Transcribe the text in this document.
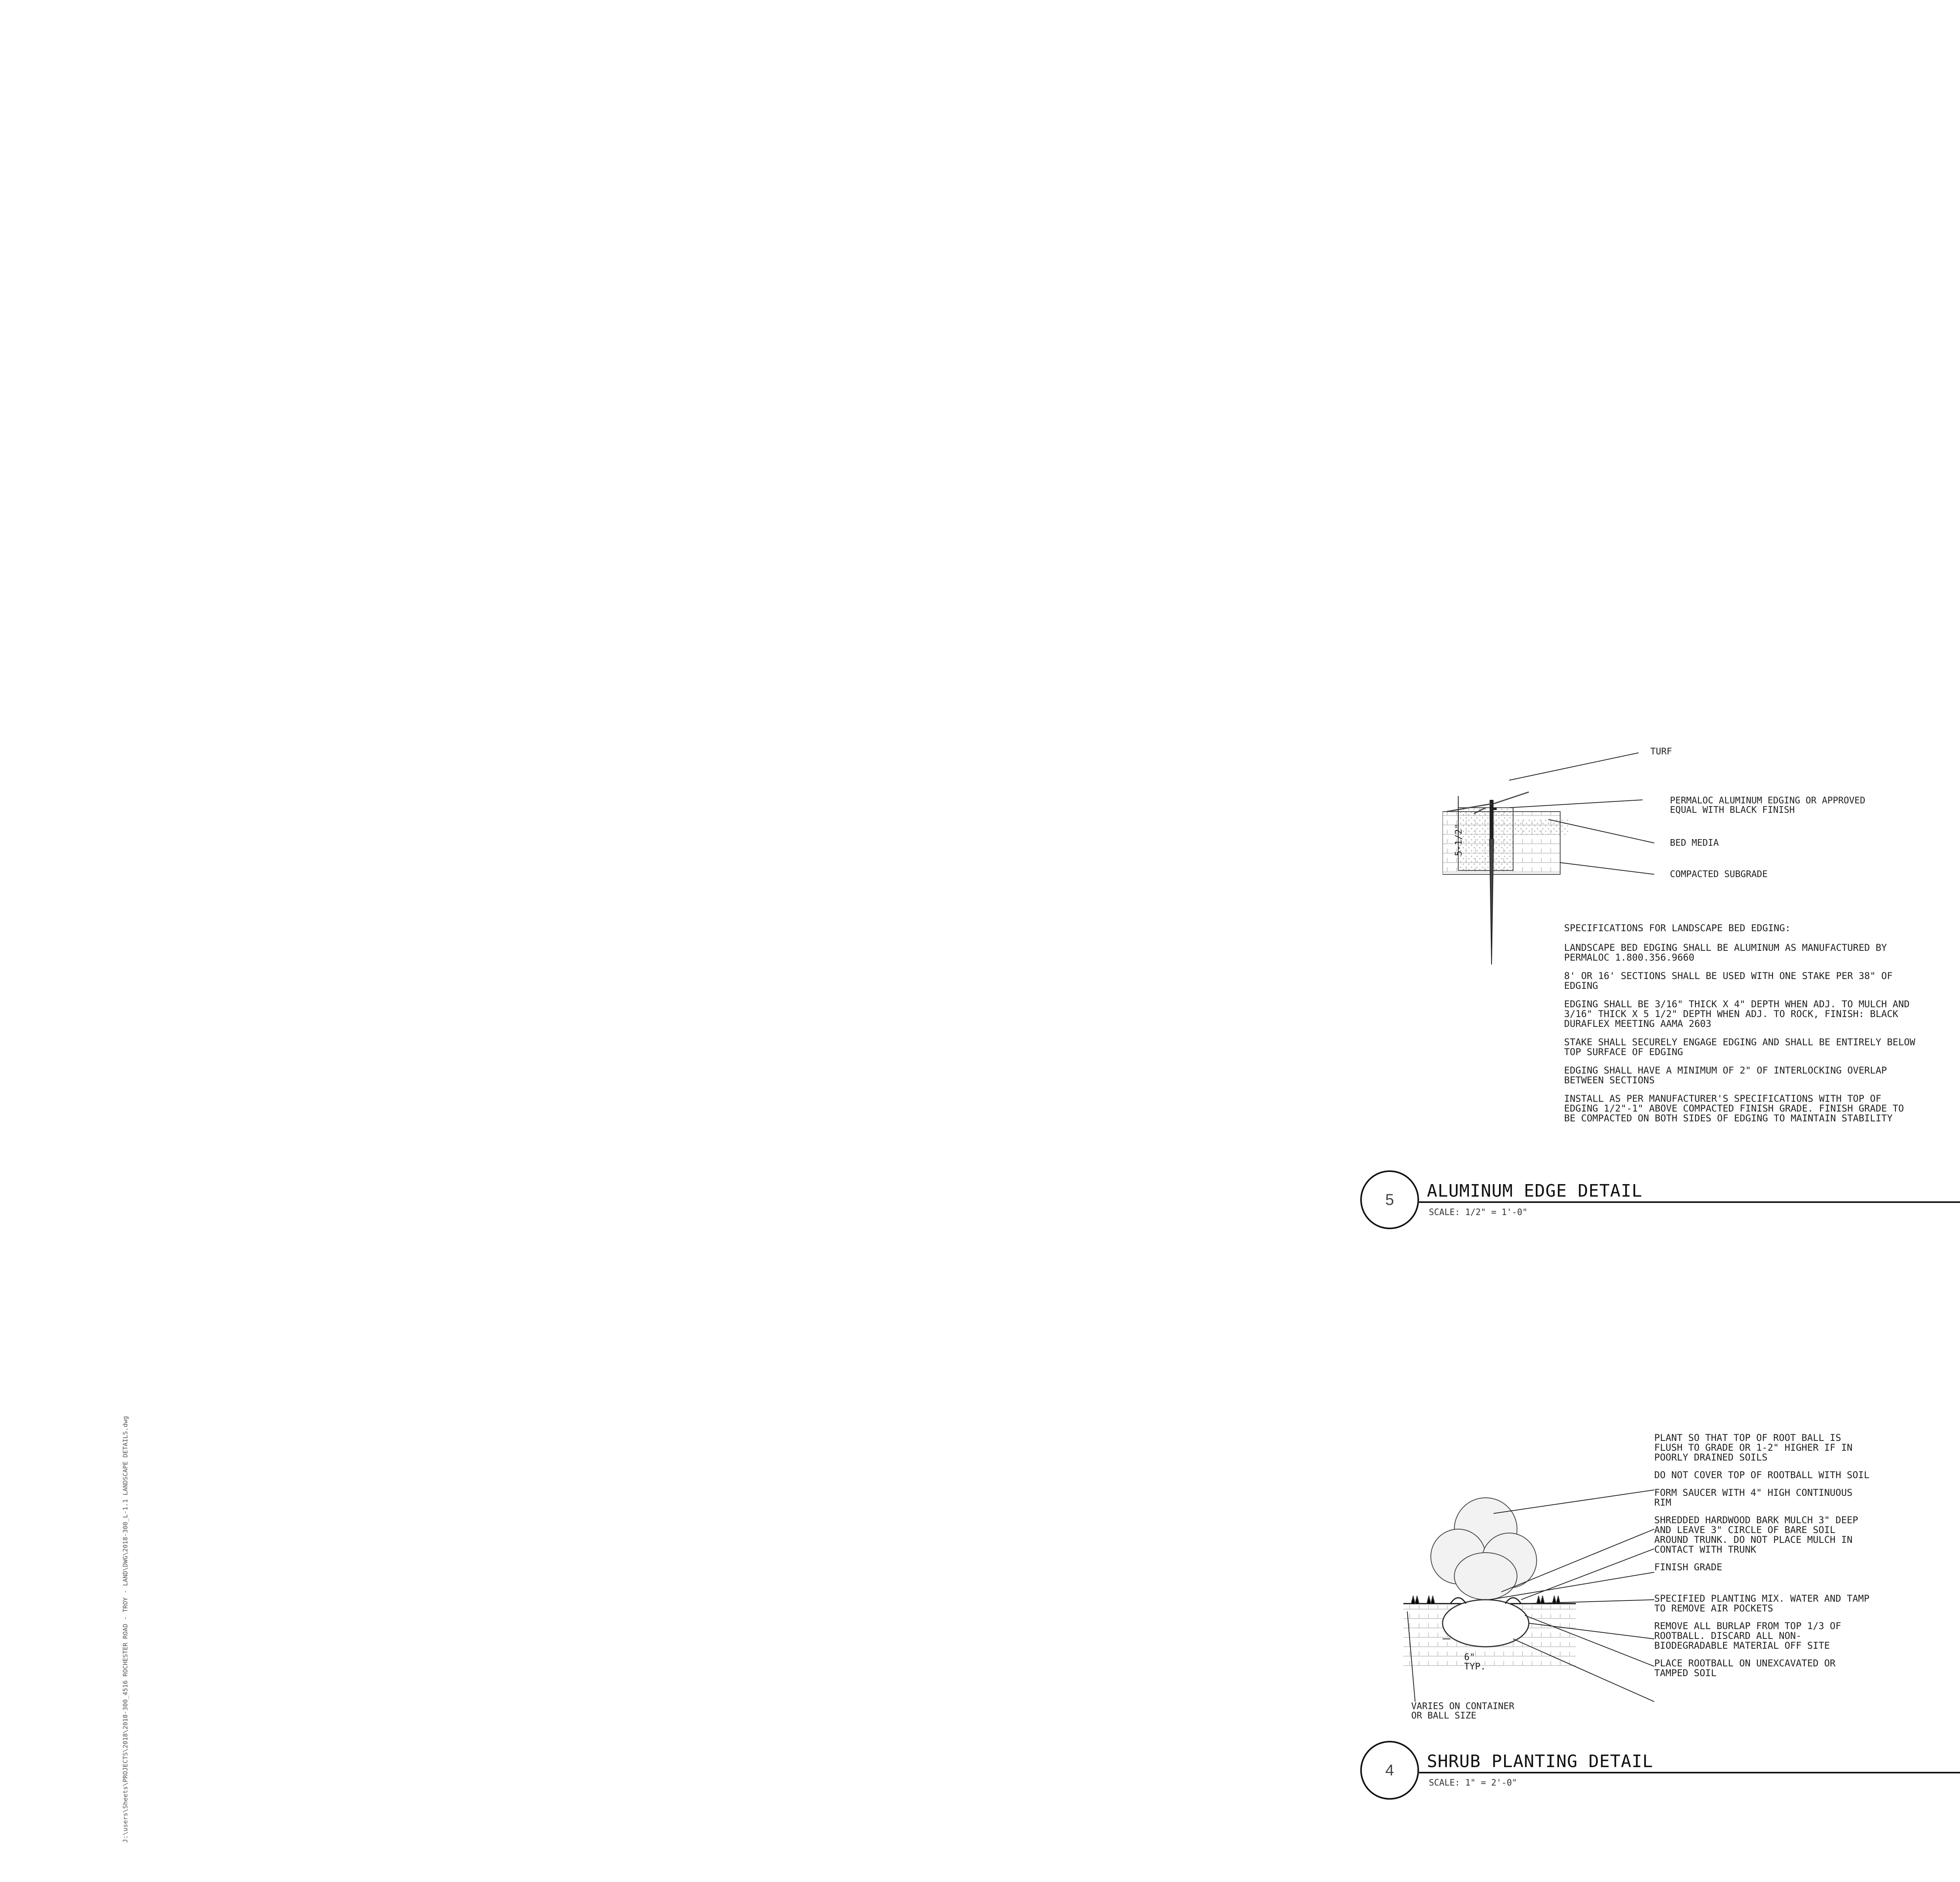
J:\users\Sheets\PROJECTS\2018\2018-300_4516 ROCHESTER ROAD - TROY - LAND\DWG\2018-300_L-1.1 LANDSCAPE DETAILS.dwg
TURF
PERMALOC ALUMINUM EDGING OR APPROVED
EQUAL WITH BLACK FINISH
BED MEDIA
COMPACTED SUBGRADE
5-1/2"
SPECIFICATIONS FOR LANDSCAPE BED EDGING:
LANDSCAPE BED EDGING SHALL BE ALUMINUM AS MANUFACTURED BY PERMALOC 1.800.356.9660
8' OR 16' SECTIONS SHALL BE USED WITH ONE STAKE PER 38" OF EDGING
EDGING SHALL BE 3/16" THICK X 4" DEPTH WHEN ADJ. TO MULCH AND 3/16" THICK X 5 1/2" DEPTH WHEN ADJ. TO ROCK, FINISH: BLACK DURAFLEX MEETING AAMA 2603
STAKE SHALL SECURELY ENGAGE EDGING AND SHALL BE ENTIRELY BELOW TOP SURFACE OF EDGING
EDGING SHALL HAVE A MINIMUM OF 2" OF INTERLOCKING OVERLAP BETWEEN SECTIONS
INSTALL AS PER MANUFACTURER'S SPECIFICATIONS WITH TOP OF EDGING 1/2"-1" ABOVE COMPACTED FINISH GRADE. FINISH GRADE TO BE COMPACTED ON BOTH SIDES OF EDGING TO MAINTAIN STABILITY
5	ALUMINUM EDGE DETAIL
SCALE: 1/2" = 1'-0"
6"
TYP.
VARIES ON CONTAINER
OR BALL SIZE
PLANT SO THAT TOP OF ROOT BALL IS FLUSH TO GRADE OR 1-2" HIGHER IF IN POORLY DRAINED SOILS
DO NOT COVER TOP OF ROOTBALL WITH SOIL
FORM SAUCER WITH 4" HIGH CONTINUOUS RIM
SHREDDED HARDWOOD BARK MULCH 3" DEEP AND LEAVE 3" CIRCLE OF BARE SOIL AROUND TRUNK. DO NOT PLACE MULCH IN CONTACT WITH TRUNK
FINISH GRADE
SPECIFIED PLANTING MIX. WATER AND TAMP TO REMOVE AIR POCKETS
REMOVE ALL BURLAP FROM TOP 1/3 OF ROOTBALL. DISCARD ALL NON-BIODEGRADABLE MATERIAL OFF SITE
PLACE ROOTBALL ON UNEXCAVATED OR TAMPED SOIL
4	SHRUB PLANTING DETAIL
SCALE: 1" = 2'-0"
